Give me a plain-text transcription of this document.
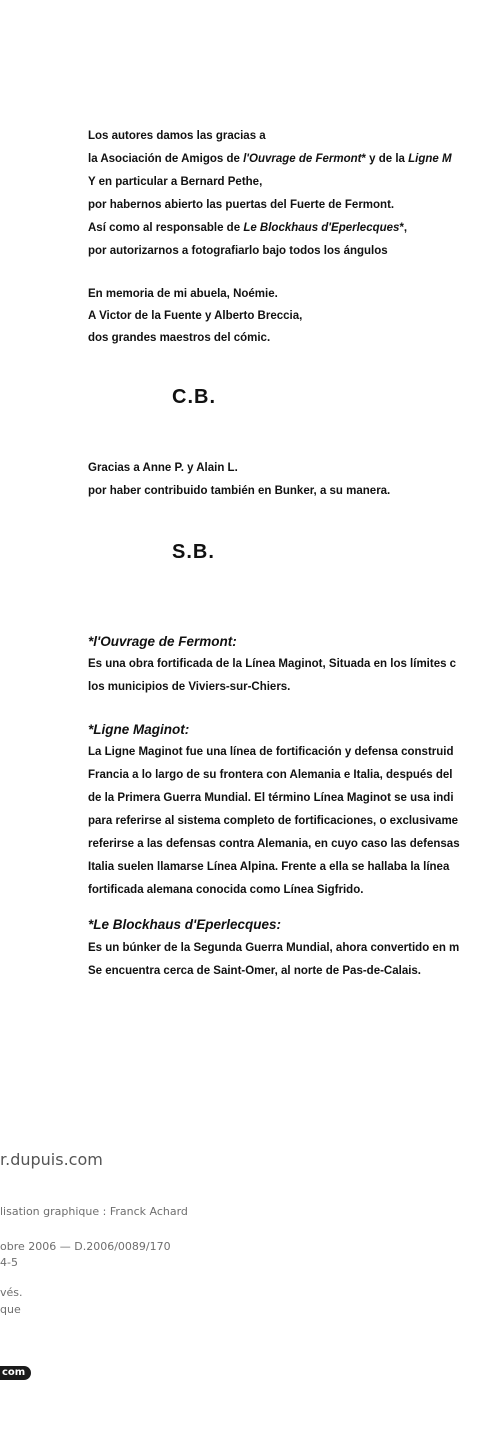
Los autores damos las gracias a
la Asociación de Amigos de l'Ouvrage de Fermont* y de la Ligne M
Y en particular a Bernard Pethe,
por habernos abierto las puertas del Fuerte de Fermont.
Así como al responsable de Le Blockhaus d'Eperlecques*,
por autorizarnos a fotografiarlo bajo todos los ángulos
En memoria de mi abuela, Noémie.
A Victor de la Fuente y Alberto Breccia,
dos grandes maestros del cómic.
C.B.
Gracias a Anne P. y Alain L.
por haber contribuido también en Bunker, a su manera.
S.B.
*l'Ouvrage de Fermont:
Es una obra fortificada de la Línea Maginot, Situada en los límites c
los municipios de Viviers-sur-Chiers.
*Ligne Maginot:
La Ligne Maginot fue una línea de fortificación y defensa construid
Francia a lo largo de su frontera con Alemania e Italia, después del
de la Primera Guerra Mundial. El término Línea Maginot se usa indi
para referirse al sistema completo de fortificaciones, o exclusivame
referirse a las defensas contra Alemania, en cuyo caso las defensas
Italia suelen llamarse Línea Alpina. Frente a ella se hallaba la línea
fortificada alemana conocida como Línea Sigfrido.
*Le Blockhaus d'Eperlecques:
Es un búnker de la Segunda Guerra Mundial, ahora convertido en m
Se encuentra cerca de Saint-Omer, al norte de Pas-de-Calais.
r.dupuis.com
lisation graphique : Franck Achard
obre 2006 — D.2006/0089/170
4-5
vés.
que
com
